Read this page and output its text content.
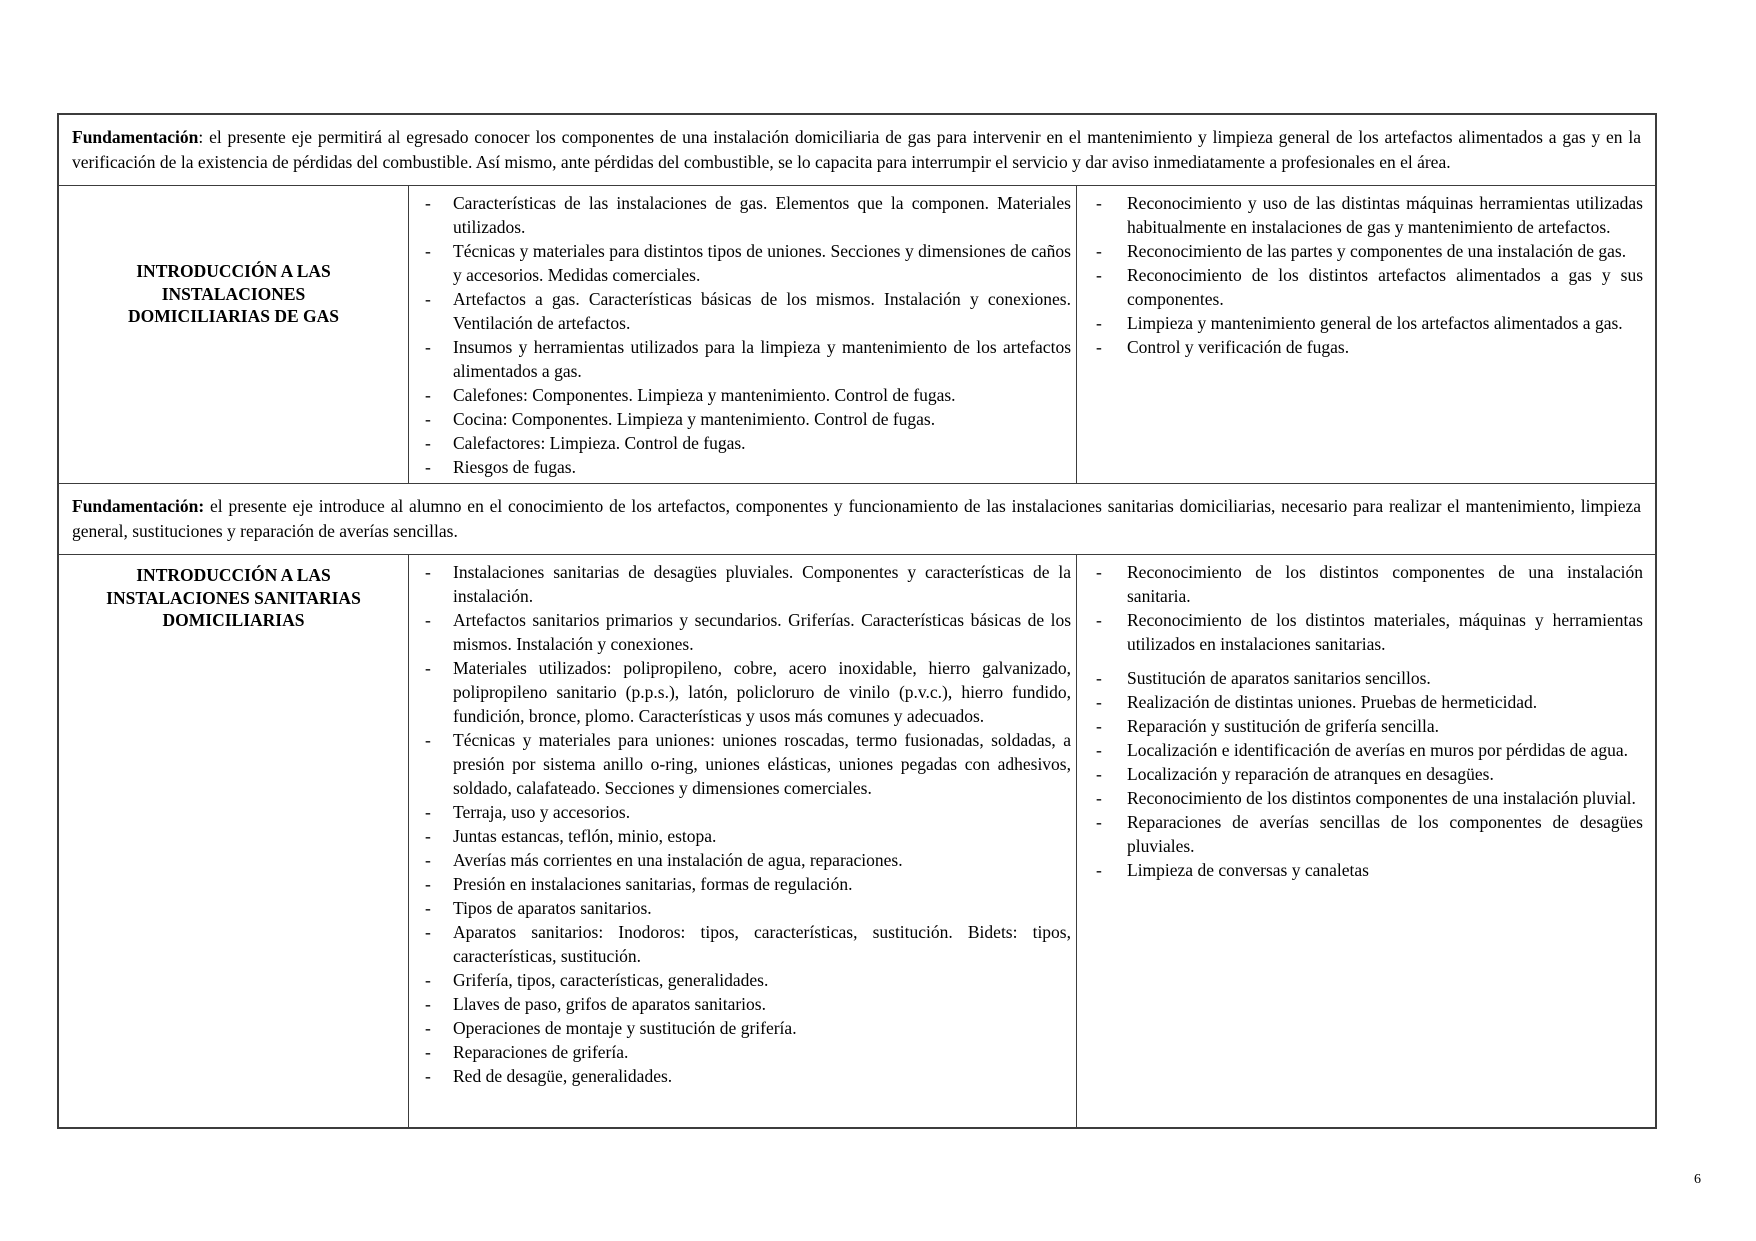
Fundamentación: el presente eje permitirá al egresado conocer los componentes de una instalación domiciliaria de gas para intervenir en el mantenimiento y limpieza general de los artefactos alimentados a gas y en la verificación de la existencia de pérdidas del combustible. Así mismo, ante pérdidas del combustible, se lo capacita para interrumpir el servicio y dar aviso inmediatamente a profesionales en el área.
INTRODUCCIÓN A LAS
INSTALACIONES
DOMICILIARIAS DE GAS
- Características de las instalaciones de gas. Elementos que la componen. Materiales utilizados.
- Técnicas y materiales para distintos tipos de uniones. Secciones y dimensiones de caños y accesorios. Medidas comerciales.
- Artefactos a gas. Características básicas de los mismos. Instalación y conexiones. Ventilación de artefactos.
- Insumos y herramientas utilizados para la limpieza y mantenimiento de los artefactos alimentados a gas.
- Calefones: Componentes. Limpieza y mantenimiento. Control de fugas.
- Cocina: Componentes. Limpieza y mantenimiento. Control de fugas.
- Calefactores: Limpieza. Control de fugas.
- Riesgos de fugas.
- Reconocimiento y uso de las distintas máquinas herramientas utilizadas habitualmente en instalaciones de gas y mantenimiento de artefactos.
- Reconocimiento de las partes y componentes de una instalación de gas.
- Reconocimiento de los distintos artefactos alimentados a gas y sus componentes.
- Limpieza y mantenimiento general de los artefactos alimentados a gas.
- Control y verificación de fugas.
Fundamentación: el presente eje introduce al alumno en el conocimiento de los artefactos, componentes y funcionamiento de las instalaciones sanitarias domiciliarias, necesario para realizar el mantenimiento, limpieza general, sustituciones y reparación de averías sencillas.
INTRODUCCIÓN A LAS
INSTALACIONES SANITARIAS
DOMICILIARIAS
- Instalaciones sanitarias de desagües pluviales. Componentes y características de la instalación.
- Artefactos sanitarios primarios y secundarios. Griferías. Características básicas de los mismos. Instalación y conexiones.
- Materiales utilizados: polipropileno, cobre, acero inoxidable, hierro galvanizado, polipropileno sanitario (p.p.s.), latón, policloruro de vinilo (p.v.c.), hierro fundido, fundición, bronce, plomo. Características y usos más comunes y adecuados.
- Técnicas y materiales para uniones: uniones roscadas, termo fusionadas, soldadas, a presión por sistema anillo o-ring, uniones elásticas, uniones pegadas con adhesivos, soldado, calafateado. Secciones y dimensiones comerciales.
- Terraja, uso y accesorios.
- Juntas estancas, teflón, minio, estopa.
- Averías más corrientes en una instalación de agua, reparaciones.
- Presión en instalaciones sanitarias, formas de regulación.
- Tipos de aparatos sanitarios.
- Aparatos sanitarios: Inodoros: tipos, características, sustitución. Bidets: tipos, características, sustitución.
- Grifería, tipos, características, generalidades.
- Llaves de paso, grifos de aparatos sanitarios.
- Operaciones de montaje y sustitución de grifería.
- Reparaciones de grifería.
- Red de desagüe, generalidades.
- Reconocimiento de los distintos componentes de una instalación sanitaria.
- Reconocimiento de los distintos materiales, máquinas y herramientas utilizados en instalaciones sanitarias.
- Sustitución de aparatos sanitarios sencillos.
- Realización de distintas uniones. Pruebas de hermeticidad.
- Reparación y sustitución de grifería sencilla.
- Localización e identificación de averías en muros por pérdidas de agua.
- Localización y reparación de atranques en desagües.
- Reconocimiento de los distintos componentes de una instalación pluvial.
- Reparaciones de averías sencillas de los componentes de desagües pluviales.
- Limpieza de conversas y canaletas
6
